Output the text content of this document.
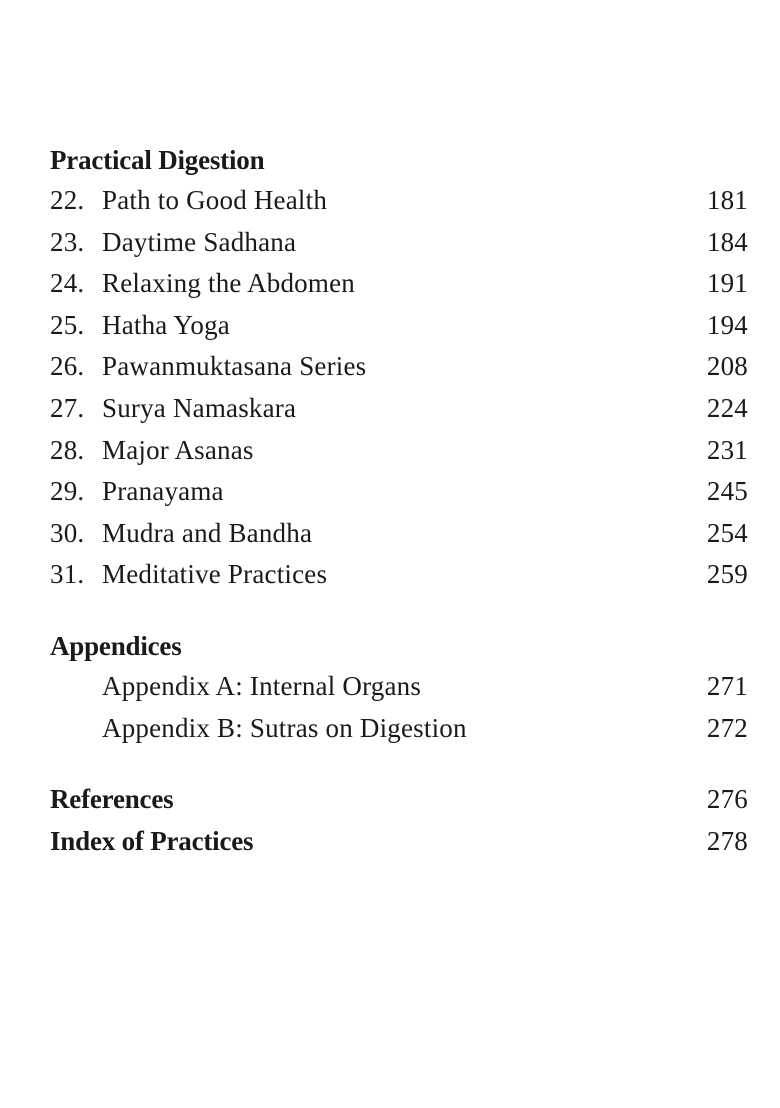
Practical Digestion
22. Path to Good Health	181
23. Daytime Sadhana	184
24. Relaxing the Abdomen	191
25. Hatha Yoga	194
26. Pawanmuktasana Series	208
27. Surya Namaskara	224
28. Major Asanas	231
29. Pranayama	245
30. Mudra and Bandha	254
31. Meditative Practices	259
Appendices
Appendix A: Internal Organs	271
Appendix B: Sutras on Digestion	272
References	276
Index of Practices	278
